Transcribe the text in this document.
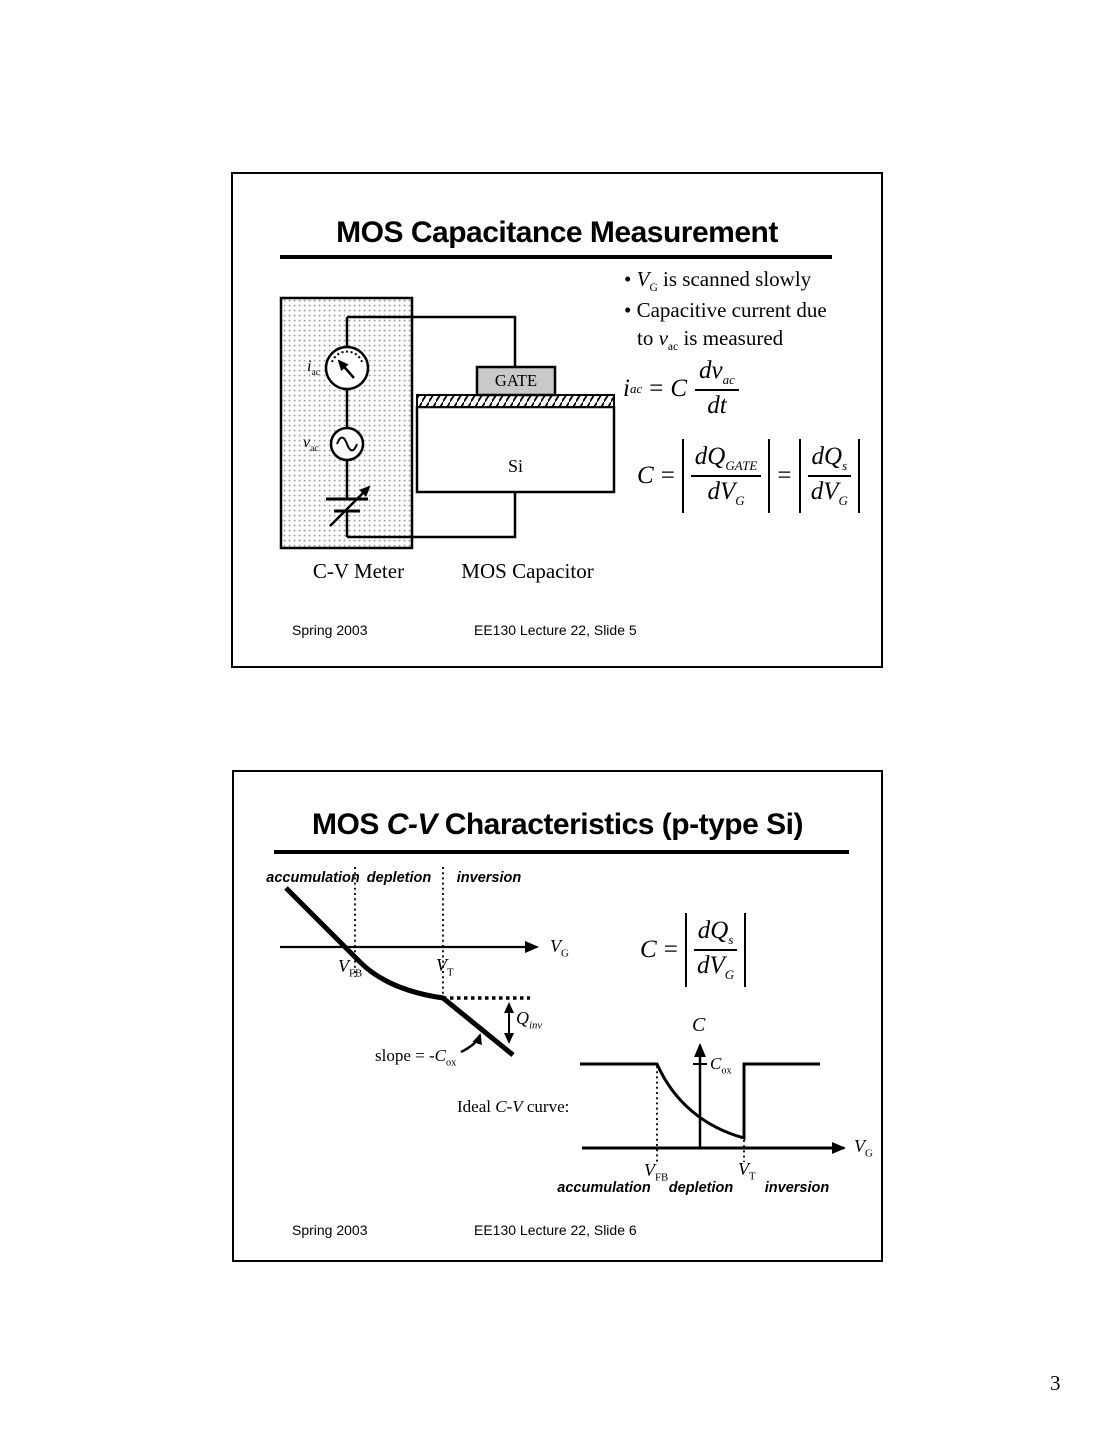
MOS Capacitance Measurement
$i_{ac}$
$v_{ac}$
GATE
Si
C-V Meter	MOS Capacitor
• $V_G$ is scanned slowly
• Capacitive current due
to $v_{ac}$ is measured
i ac = C $\frac{dv_{ac}}{dt}$
$C = \frac{dQ_{GATE}}{dV_G} = \frac{dQ_s}{dV_G}$
Spring 2003	EE130 Lecture 22, Slide 5
MOS C-V Characteristics (p-type Si)
accumulation depletion inversion
$V_G$
$V_{FB}$	$V_T$
$Q_{inv}$
slope = $-C_{ox}$
$C = \frac{dQ_s}{dV_G}$
Ideal C-V curve:
C
$C_{ox}$
$V_G$
$V_{FB}$	$V_T$
accumulation depletion inversion
Spring 2003	EE130 Lecture 22, Slide 6
3
